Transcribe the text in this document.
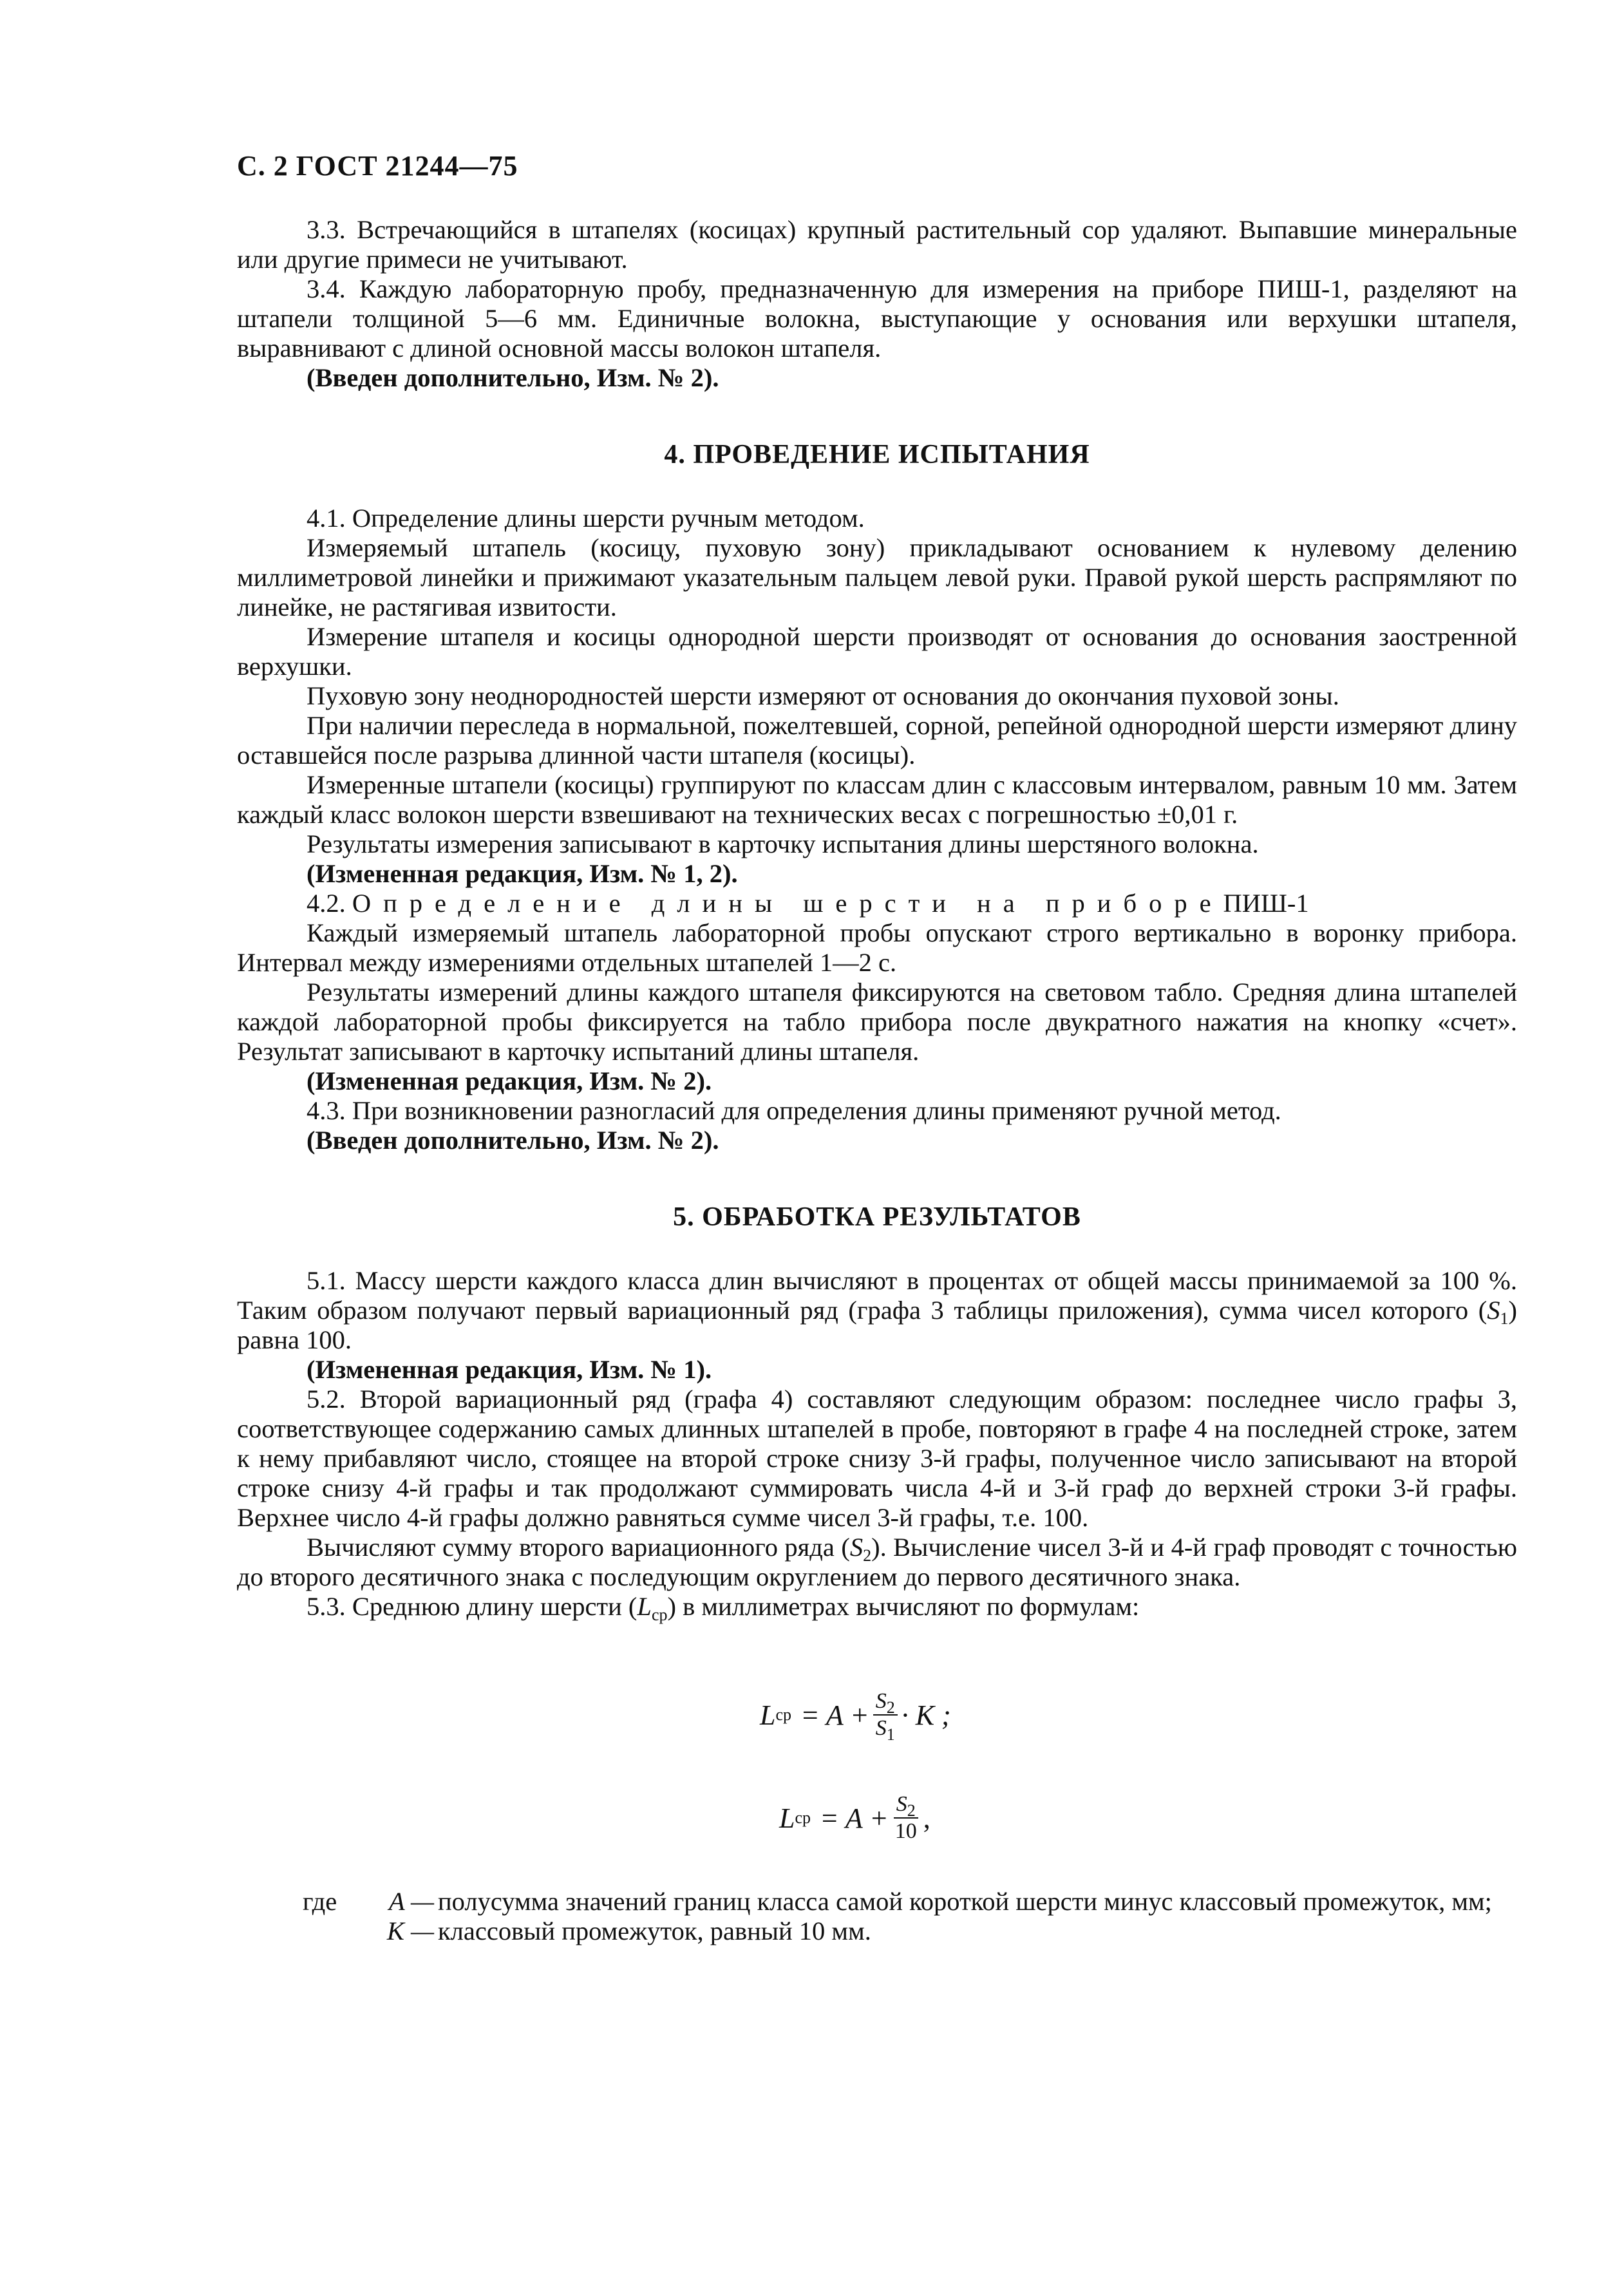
С. 2 ГОСТ 21244—75

3.3. Встречающийся в штапелях (косицах) крупный растительный сор удаляют. Выпавшие минеральные или другие примеси не учитывают.

3.4. Каждую лабораторную пробу, предназначенную для измерения на приборе ПИШ-1, разделяют на штапели толщиной 5—6 мм. Единичные волокна, выступающие у основания или верхушки штапеля, выравнивают с длиной основной массы волокон штапеля.

(Введен дополнительно, Изм. № 2).

4. ПРОВЕДЕНИЕ ИСПЫТАНИЯ

4.1. Определение длины шерсти ручным методом.

Измеряемый штапель (косицу, пуховую зону) прикладывают основанием к нулевому делению миллиметровой линейки и прижимают указательным пальцем левой руки. Правой рукой шерсть распрямляют по линейке, не растягивая извитости.

Измерение штапеля и косицы однородной шерсти производят от основания до основания заостренной верхушки.

Пуховую зону неоднородностей шерсти измеряют от основания до окончания пуховой зоны.

При наличии переследа в нормальной, пожелтевшей, сорной, репейной однородной шерсти измеряют длину оставшейся после разрыва длинной части штапеля (косицы).

Измеренные штапели (косицы) группируют по классам длин с классовым интервалом, равным 10 мм. Затем каждый класс волокон шерсти взвешивают на технических весах с погрешностью ±0,01 г.

Результаты измерения записывают в карточку испытания длины шерстяного волокна.

(Измененная редакция, Изм. № 1, 2).

4.2. Определение длины шерсти на прибореПИШ-1

Каждый измеряемый штапель лабораторной пробы опускают строго вертикально в воронку прибора. Интервал между измерениями отдельных штапелей 1—2 с.

Результаты измерений длины каждого штапеля фиксируются на световом табло. Средняя длина штапелей каждой лабораторной пробы фиксируется на табло прибора после двукратного нажатия на кнопку «счет». Результат записывают в карточку испытаний длины штапеля.

(Измененная редакция, Изм. № 2).

4.3. При возникновении разногласий для определения длины применяют ручной метод.

(Введен дополнительно, Изм. № 2).

5. ОБРАБОТКА РЕЗУЛЬТАТОВ

5.1. Массу шерсти каждого класса длин вычисляют в процентах от общей массы принимаемой за 100 %. Таким образом получают первый вариационный ряд (графа 3 таблицы приложения), сумма чисел которого $(S_1)$ равна 100.

(Измененная редакция, Изм. № 1).

5.2. Второй вариационный ряд (графа 4) составляют следующим образом: последнее число графы 3, соответствующее содержанию самых длинных штапелей в пробе, повторяют в графе 4 на последней строке, затем к нему прибавляют число, стоящее на второй строке снизу 3-й графы, полученное число записывают на второй строке снизу 4-й графы и так продолжают суммировать числа 4-й и 3-й граф до верхней строки 3-й графы. Верхнее число 4-й графы должно равняться сумме чисел 3-й графы, т.е. 100.

Вычисляют сумму второго вариационного ряда $(S_2)$. Вычисление чисел 3-й и 4-й граф проводят с точностью до второго десятичного знака с последующим округлением до первого десятичного знака.

5.3. Среднюю длину шерсти $(L_{ср})$ в миллиметрах вычисляют по формулам:

L ср = $A + \frac{S_2}{S_1} \cdot K$ ;
L ср = $A + \frac{S_2}{10}$ ,
где	A — полусумма значений границ класса самой короткой шерсти минус классовый промежуток, мм;
K — классовый промежуток, равный 10 мм.
